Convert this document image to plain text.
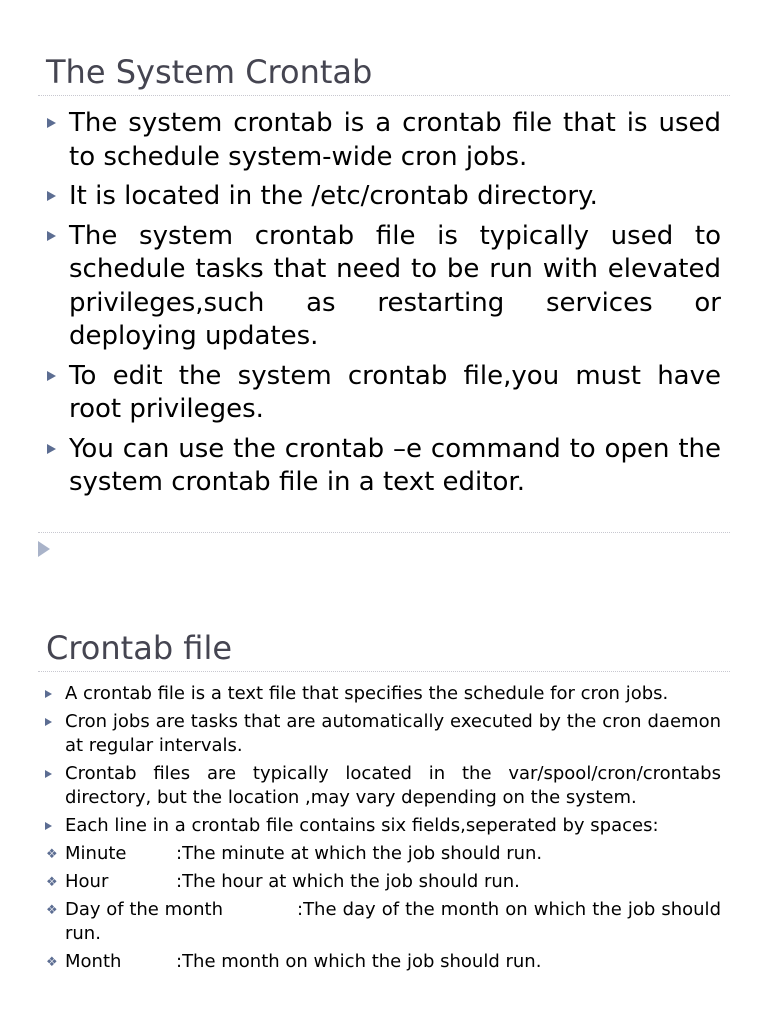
The System Crontab
The system crontab is a crontab file that is used to schedule system-wide cron jobs.
It is located in the /etc/crontab directory.
The system crontab file is typically used to schedule tasks that need to be run with elevated privileges,such as restarting services or deploying updates.
To edit the system crontab file,you must have root privileges.
You can use the crontab –e command to open the system crontab file in a text editor.
Crontab file
A crontab file is a text file that specifies the schedule for cron jobs.
Cron jobs are tasks that are automatically executed by the cron daemon at regular intervals.
Crontab files are typically located in the var/spool/cron/crontabs directory, but the location ,may vary depending on the system.
Each line in a crontab file contains six fields,seperated by spaces:
❖ Minute	:The minute at which the job should run.
❖ Hour	:The hour at which the job should run.
❖ Day of the month	:The day of the month on which the job should run.
❖ Month	:The month on which the job should run.
